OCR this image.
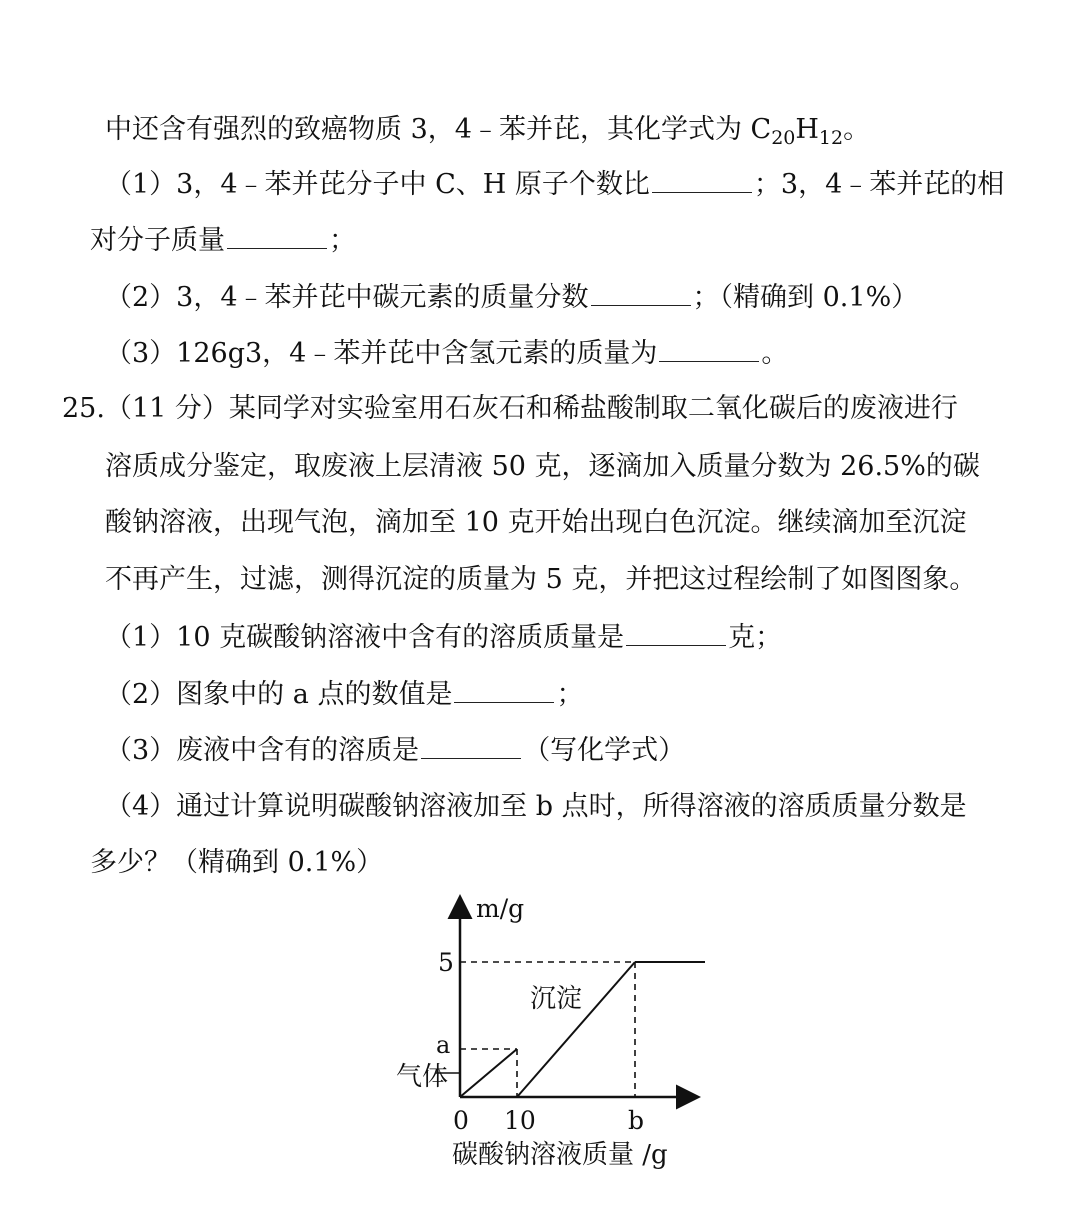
中还含有强烈的致癌物质 3，4﹣苯并芘，其化学式为 $C_{20}H_{12}$。
（1）3，4﹣苯并芘分子中 C、H 原子个数比	；3，4﹣苯并芘的相
对分子质量	；
（2）3，4﹣苯并芘中碳元素的质量分数	；（精确到 0.1%）
（3）126g3，4﹣苯并芘中含氢元素的质量为	。
25.（11 分）某同学对实验室用石灰石和稀盐酸制取二氧化碳后的废液进行
溶质成分鉴定，取废液上层清液 50 克，逐滴加入质量分数为 26.5%的碳
酸钠溶液，出现气泡，滴加至 10 克开始出现白色沉淀。继续滴加至沉淀
不再产生，过滤，测得沉淀的质量为 5 克，并把这过程绘制了如图图象。
（1）10 克碳酸钠溶液中含有的溶质质量是	克；
（2）图象中的 a 点的数值是	；
（3）废液中含有的溶质是	（写化学式）
（4）通过计算说明碳酸钠溶液加至 b 点时，所得溶液的溶质质量分数是
多少？（精确到 0.1%）
m/g
5
a
气体
沉淀
0 10	b
碳酸钠溶液质量 /g
